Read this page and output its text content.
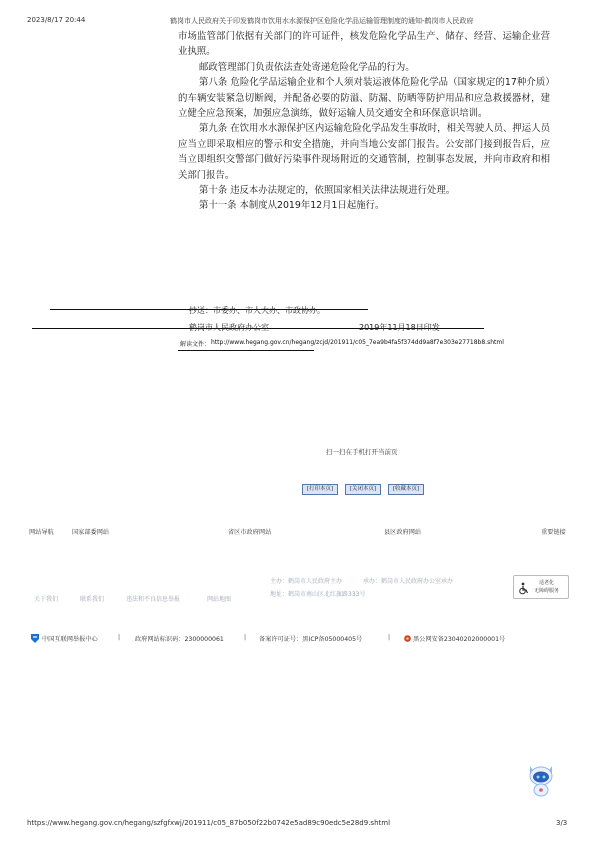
2023/8/17 20:44	鹤岗市人民政府关于印发鹤岗市饮用水水源保护区危险化学品运输管理制度的通知-鹤岗市人民政府

市场监管部门依据有关部门的许可证件，核发危险化学品生产、储存、经营、运输企业营业执照。

邮政管理部门负责依法查处寄递危险化学品的行为。

第八条 危险化学品运输企业和个人须对装运液体危险化学品（国家规定的17种介质）的车辆安装紧急切断阀，并配备必要的防溢、防漏、防晒等防护用品和应急救援器材，建立健全应急预案，加强应急演练，做好运输人员交通安全和环保意识培训。

第九条 在饮用水水源保护区内运输危险化学品发生事故时，相关驾驶人员、押运人员应当立即采取相应的警示和安全措施，并向当地公安部门报告。公安部门接到报告后，应当立即组织交警部门做好污染事件现场附近的交通管制，控制事态发展，并向市政府和相关部门报告。

第十条 违反本办法规定的，依照国家相关法律法规进行处理。

第十一条 本制度从2019年12月1日起施行。

抄送：市委办、市人大办、市政协办。
鹤岗市人民政府办公室	2019年11月18日印发
解读文件： http://www.hegang.gov.cn/hegang/zcjd/201911/c05_7ea9b4fa5f374dd9a8f7e303e27718b8.shtml
扫一扫在手机打开当前页
[打印本页]	[关闭本页]	[收藏本页]
网站导航	国家部委网站	省区市政府网站	县区政府网站	重要链接
关于我们	联系我们	违法和不良信息举报	网站地图
主办：鹤岗市人民政府主办	承办：鹤岗市人民政府办公室承办
地址：鹤岗市南山区北红旗路333号
适老化
无障碍服务
中国互联网举报中心	| 政府网站标识码：2300000061	| 备案许可证号：黑ICP备05000405号	|	黑公网安备23040202000001号
https://www.hegang.gov.cn/hegang/szfgfxwj/201911/c05_87b050f22b0742e5ad89c90edc5e28d9.shtml	3/3
